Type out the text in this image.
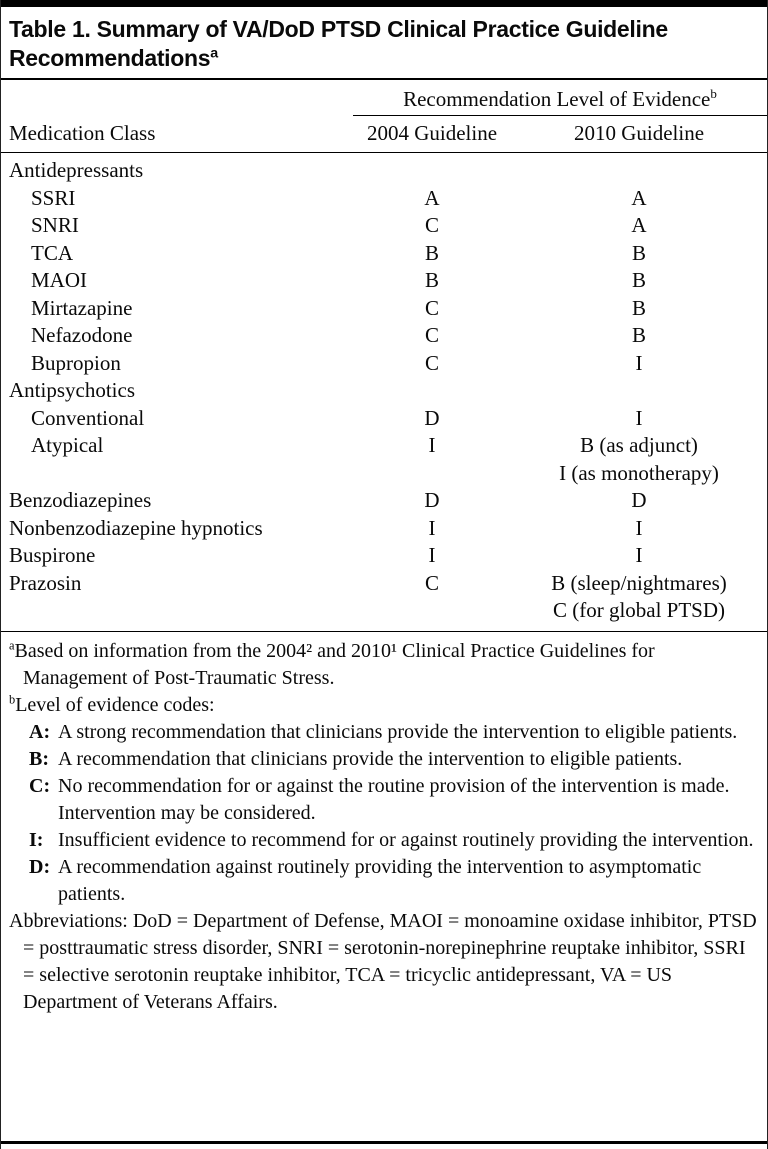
Table 1. Summary of VA/DoD PTSD Clinical Practice Guideline
Recommendations$^a$
Recommendation Level of Evidence$^b$
Medication Class	2004 Guideline	2010 Guideline
Antidepressants
SSRI	A	A
SNRI	C	A
TCA	B	B
MAOI	B	B
Mirtazapine	C	B
Nefazodone	C	B
Bupropion	C	I
Antipsychotics
Conventional	D	I
Atypical	I	B (as adjunct)
I (as monotherapy)
Benzodiazepines	D	D
Nonbenzodiazepine hypnotics	I	I
Buspirone	I	I
Prazosin	C	B (sleep/nightmares)
C (for global PTSD)
$^a$Based on information from the 2004² and 2010¹ Clinical Practice Guidelines for Management of Post-Traumatic Stress.
$^b$Level of evidence codes:
A: A strong recommendation that clinicians provide the intervention to eligible patients.
B: A recommendation that clinicians provide the intervention to eligible patients.
C: No recommendation for or against the routine provision of the intervention is made. Intervention may be considered.
I: Insufficient evidence to recommend for or against routinely providing the intervention.
D: A recommendation against routinely providing the intervention to asymptomatic patients.
Abbreviations: DoD = Department of Defense, MAOI = monoamine oxidase inhibitor, PTSD = posttraumatic stress disorder, SNRI = serotonin-norepinephrine reuptake inhibitor, SSRI = selective serotonin reuptake inhibitor, TCA = tricyclic antidepressant, VA = US Department of Veterans Affairs.
